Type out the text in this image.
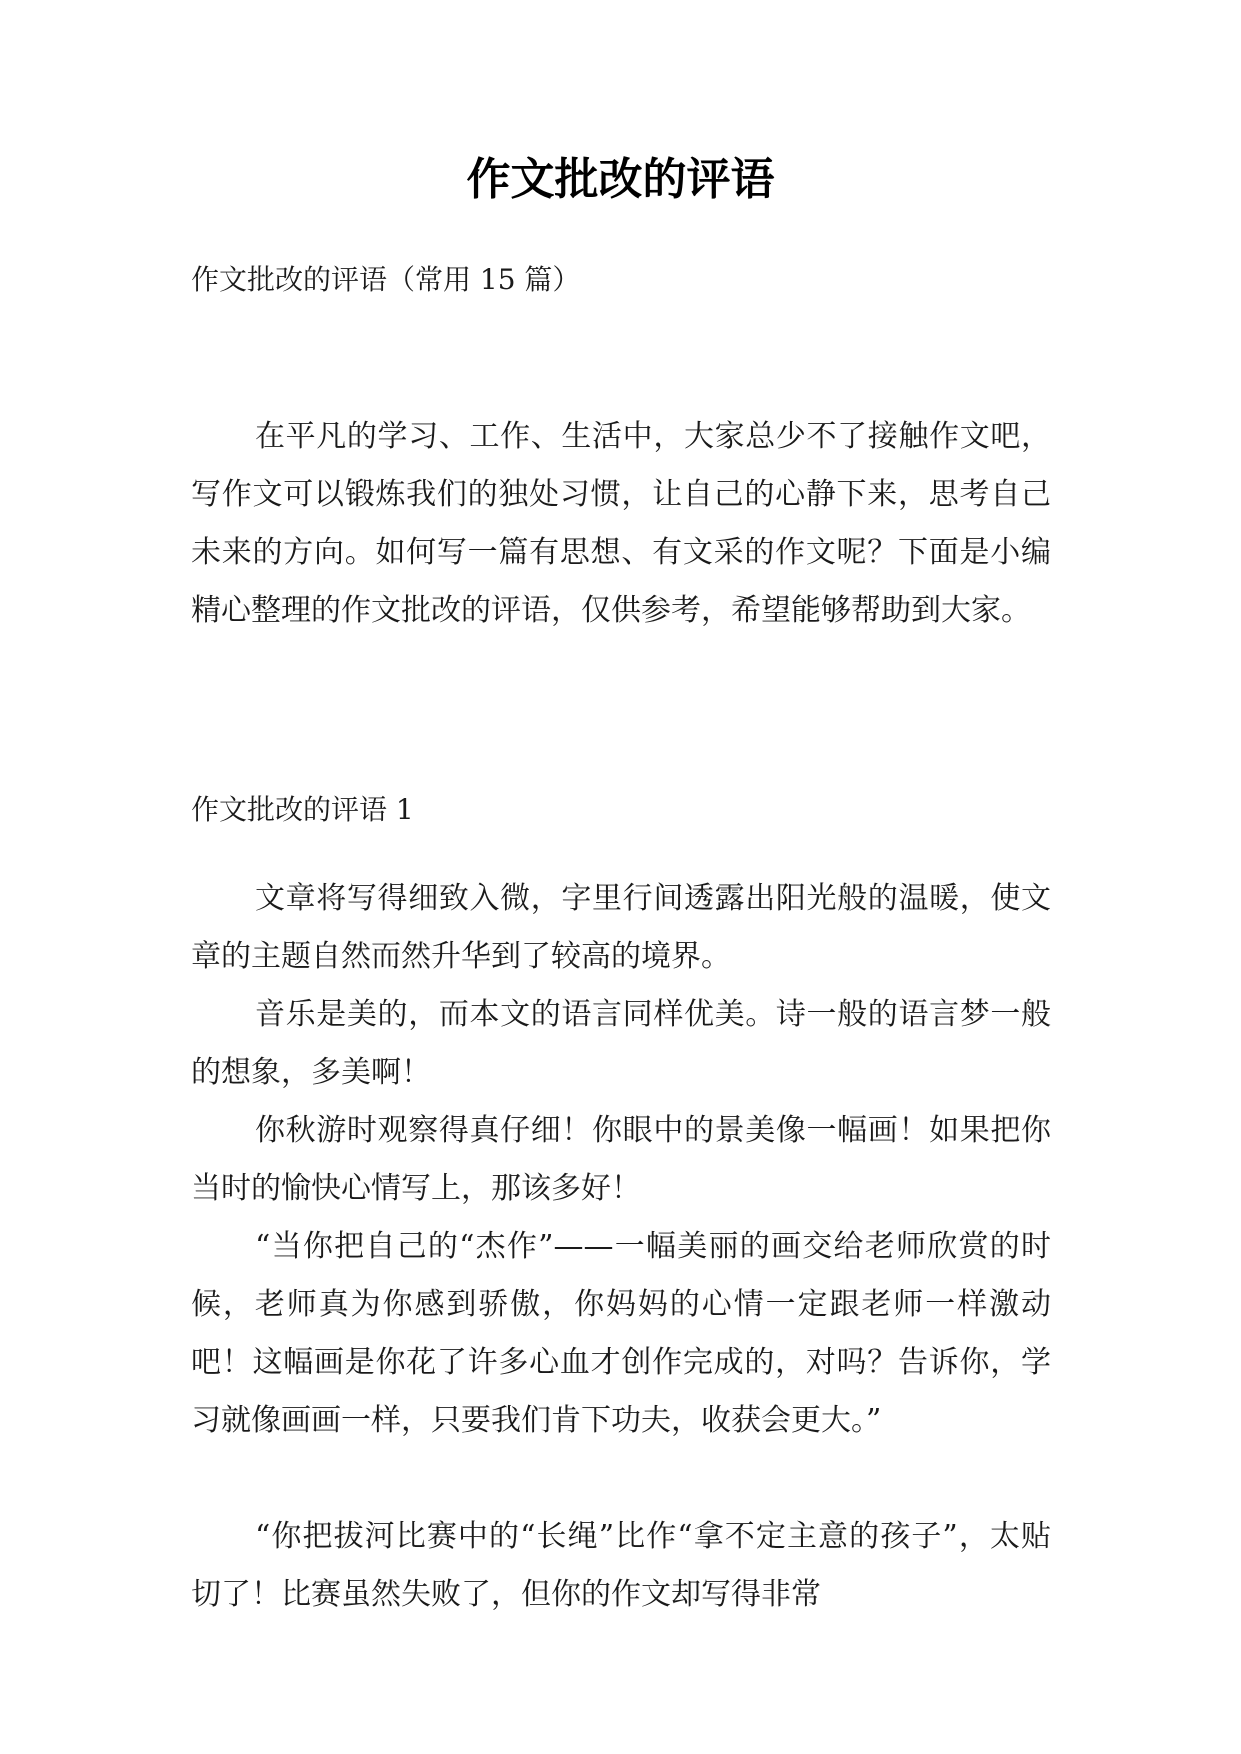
作文批改的评语
作文批改的评语（常用 15 篇）

在平凡的学习、工作、生活中，大家总少不了接触作文吧，写作文可以锻炼我们的独处习惯，让自己的心静下来，思考自己未来的方向。如何写一篇有思想、有文采的作文呢？下面是小编精心整理的作文批改的评语，仅供参考，希望能够帮助到大家。

作文批改的评语 1

文章将写得细致入微，字里行间透露出阳光般的温暖，使文章的主题自然而然升华到了较高的境界。

音乐是美的，而本文的语言同样优美。诗一般的语言梦一般的想象，多美啊！

你秋游时观察得真仔细！你眼中的景美像一幅画！如果把你当时的愉快心情写上，那该多好！

“当你把自己的“杰作”——一幅美丽的画交给老师欣赏的时候，老师真为你感到骄傲，你妈妈的心情一定跟老师一样激动吧！这幅画是你花了许多心血才创作完成的，对吗？告诉你，学习就像画画一样，只要我们肯下功夫，收获会更大。”

“你把拔河比赛中的“长绳”比作“拿不定主意的孩子”，太贴切了！比赛虽然失败了，但你的作文却写得非常
